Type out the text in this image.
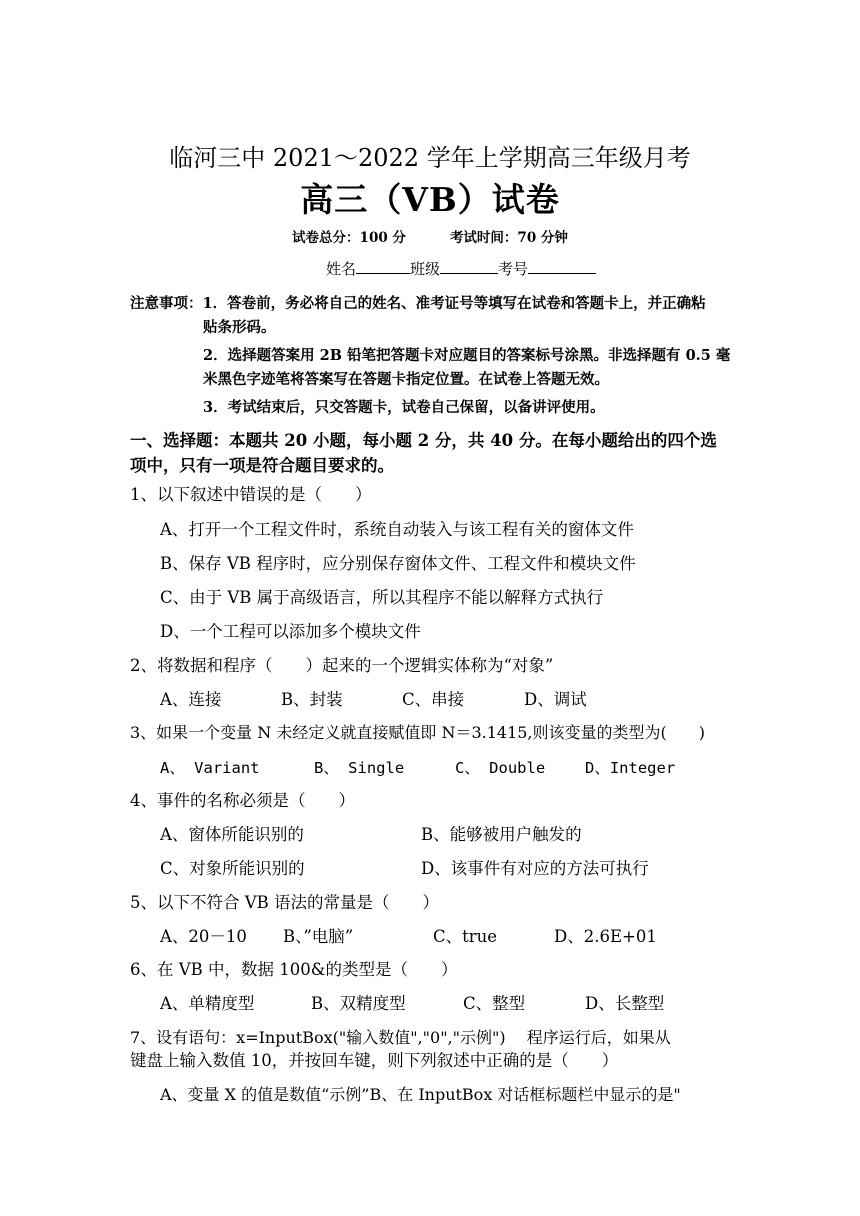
临河三中 2021～2022 学年上学期高三年级月考
高三（VB）试卷
试卷总分：100 分	考试时间：70 分钟
姓名	班级	考号
注意事项：1．答卷前，务必将自己的姓名、准考证号等填写在试卷和答题卡上，并正确粘
贴条形码。
2．选择题答案用 2B 铅笔把答题卡对应题目的答案标号涂黑。非选择题有 0.5 毫
米黑色字迹笔将答案写在答题卡指定位置。在试卷上答题无效。
3．考试结束后，只交答题卡，试卷自己保留，以备讲评使用。
一、选择题：本题共 20 小题，每小题 2 分，共 40 分。在每小题给出的四个选
项中，只有一项是符合题目要求的。
1、以下叙述中错误的是（　　）
A、打开一个工程文件时，系统自动装入与该工程有关的窗体文件
B、保存 VB 程序时，应分别保存窗体文件、工程文件和模块文件
C、由于 VB 属于高级语言，所以其程序不能以解释方式执行
D、一个工程可以添加多个模块文件
2、将数据和程序（　　）起来的一个逻辑实体称为“对象”
A、连接	B、封装	C、串接	D、调试
3、如果一个变量 N 未经定义就直接赋值即 N＝3.1415,则该变量的类型为(　　)
A、 Variant	B、 Single	C、 Double	D、Integer
4、事件的名称必须是（　　）
A、窗体所能识别的	B、能够被用户触发的
C、对象所能识别的	D、该事件有对应的方法可执行
5、以下不符合 VB 语法的常量是（　　）
A、20－10 B、”电脑”	C、true	D、2.6E+01
6、在 VB 中，数据 100&的类型是（　　）
A、单精度型	B、双精度型	C、整型	D、长整型
7、设有语句：x=InputBox("输入数值","0","示例")　 程序运行后，如果从
键盘上输入数值 10，并按回车键，则下列叙述中正确的是（　　）
A、变量 X 的值是数值“示例”B、在 InputBox 对话框标题栏中显示的是"
